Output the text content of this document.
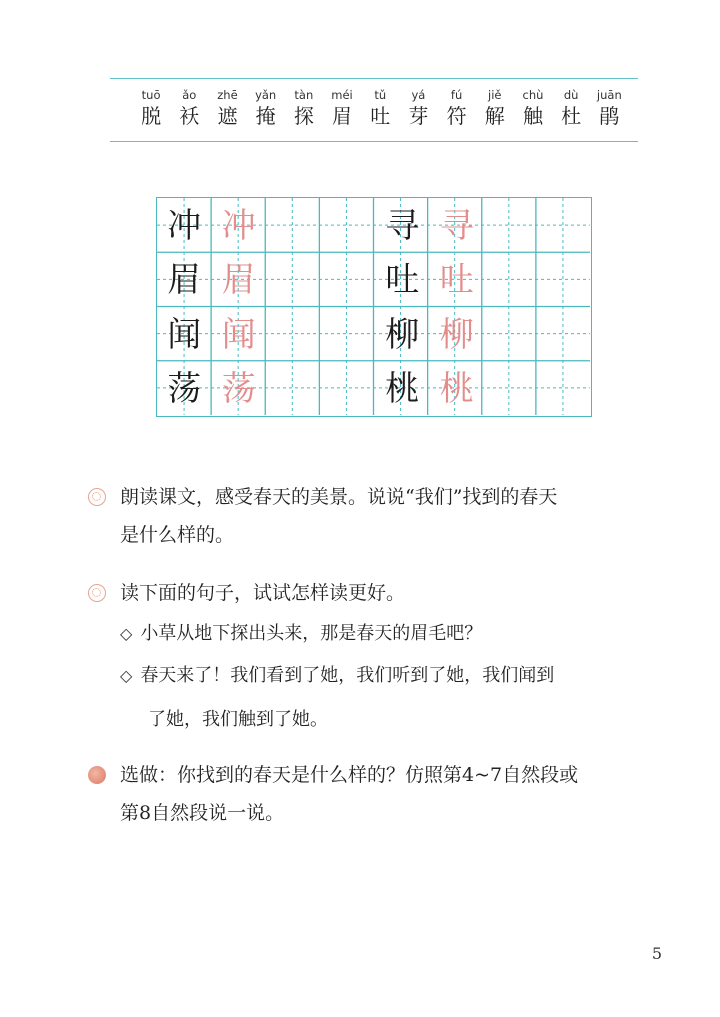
tuō
脱
ǎo
袄
zhē
遮
yǎn
掩
tàn
探
méi
眉
tǔ
吐
yá
芽
fú
符
jiě
解
chù
触
dù
杜
juān
鹃
冲 冲
眉 眉
闻 闻
荡 荡
寻 寻
吐 吐
柳 柳
桃 桃
朗读课文，感受春天的美景。说说“我们”找到的春天
是什么样的。
读下面的句子，试试怎样读更好。
◇ 小草从地下探出头来，那是春天的眉毛吧？
◇ 春天来了！我们看到了她，我们听到了她，我们闻到
了她，我们触到了她。
选做：你找到的春天是什么样的？仿照第4~7自然段或
第8自然段说一说。
5
